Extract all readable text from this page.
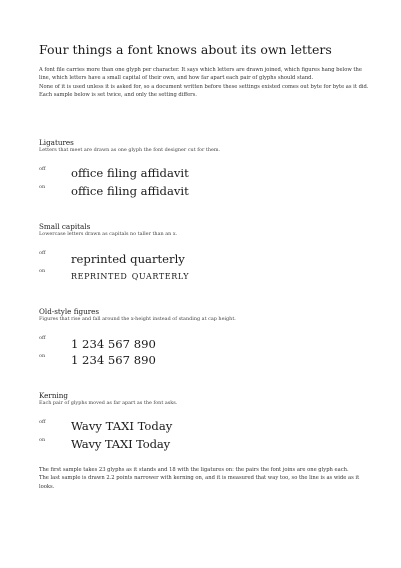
Four things a font knows about its own letters

A font file carries more than one glyph per character. It says which letters are drawn joined, which figures hang below the line, which letters have a small capital of their own, and how far apart each pair of glyphs should stand.

None of it is used unless it is asked for, so a document written before these settings existed comes out byte for byte as it did. Each sample below is set twice, and only the setting differs.

Ligatures

Letters that meet are drawn as one glyph the font designer cut for them.

off office filing affidavit
on office filing affidavit

Small capitals

Lowercase letters drawn as capitals no taller than an x.

off reprinted quarterly
on reprinted quarterly

Old-style figures

Figures that rise and fall around the x-height instead of standing at cap height.

off 1 234 567 890
on 1 234 567 890

Kerning

Each pair of glyphs moved as far apart as the font asks.

off Wavy TAXI Today
on Wavy TAXI Today

The first sample takes 23 glyphs as it stands and 18 with the ligatures on: the pairs the font joins are one glyph each.

The last sample is drawn 2.2 points narrower with kerning on, and it is measured that way too, so the line is as wide as it looks.
